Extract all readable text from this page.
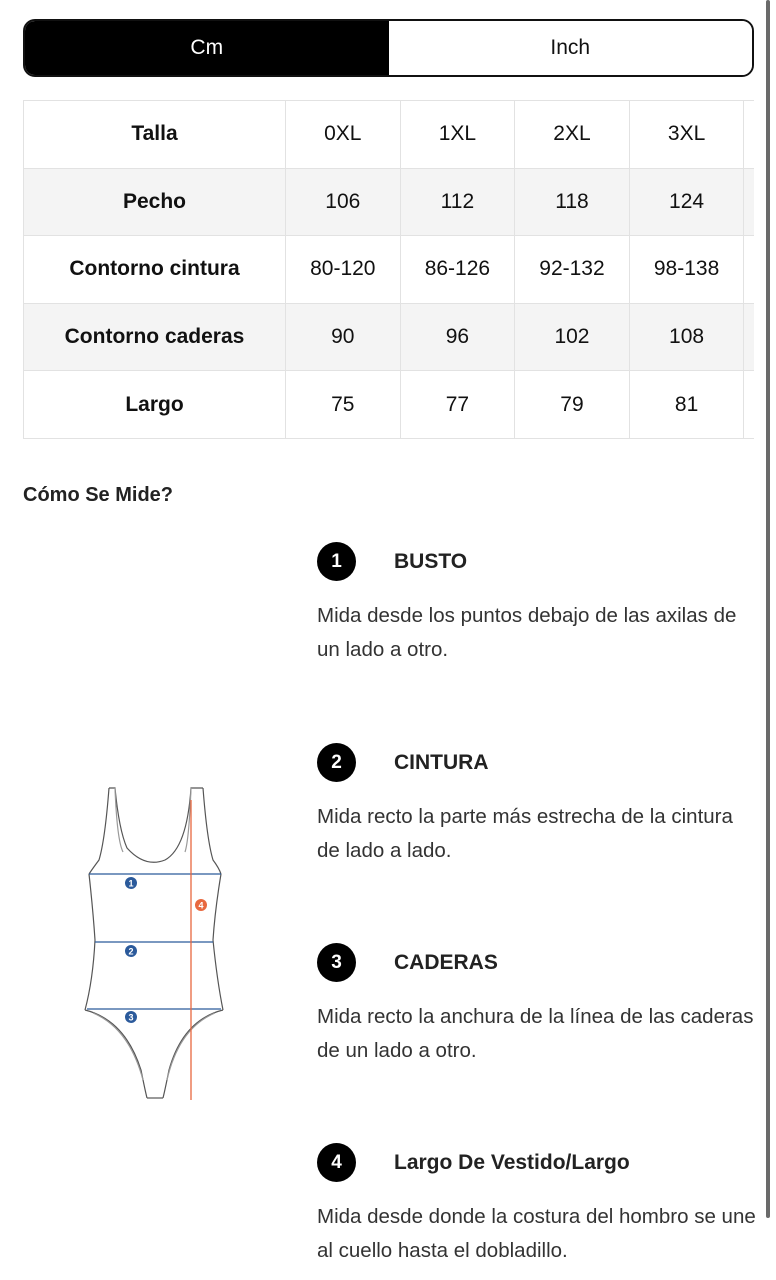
Cm	Inch
Talla	0XL	1XL	2XL	3XL	
Pecho	106	112	118	124	
Contorno cintura	80-120	86-126	92-132	98-138	
Contorno caderas	90	96	102	108	
Largo	75	77	79	81	
Cómo Se Mide?
1
2
3
4
1	BUSTO
Mida desde los puntos debajo de las axilas de un lado a otro.
2	CINTURA
Mida recto la parte más estrecha de la cintura de lado a lado.
3	CADERAS
Mida recto la anchura de la línea de las caderas de un lado a otro.
4	Largo De Vestido/Largo
Mida desde donde la costura del hombro se une al cuello hasta el dobladillo.
